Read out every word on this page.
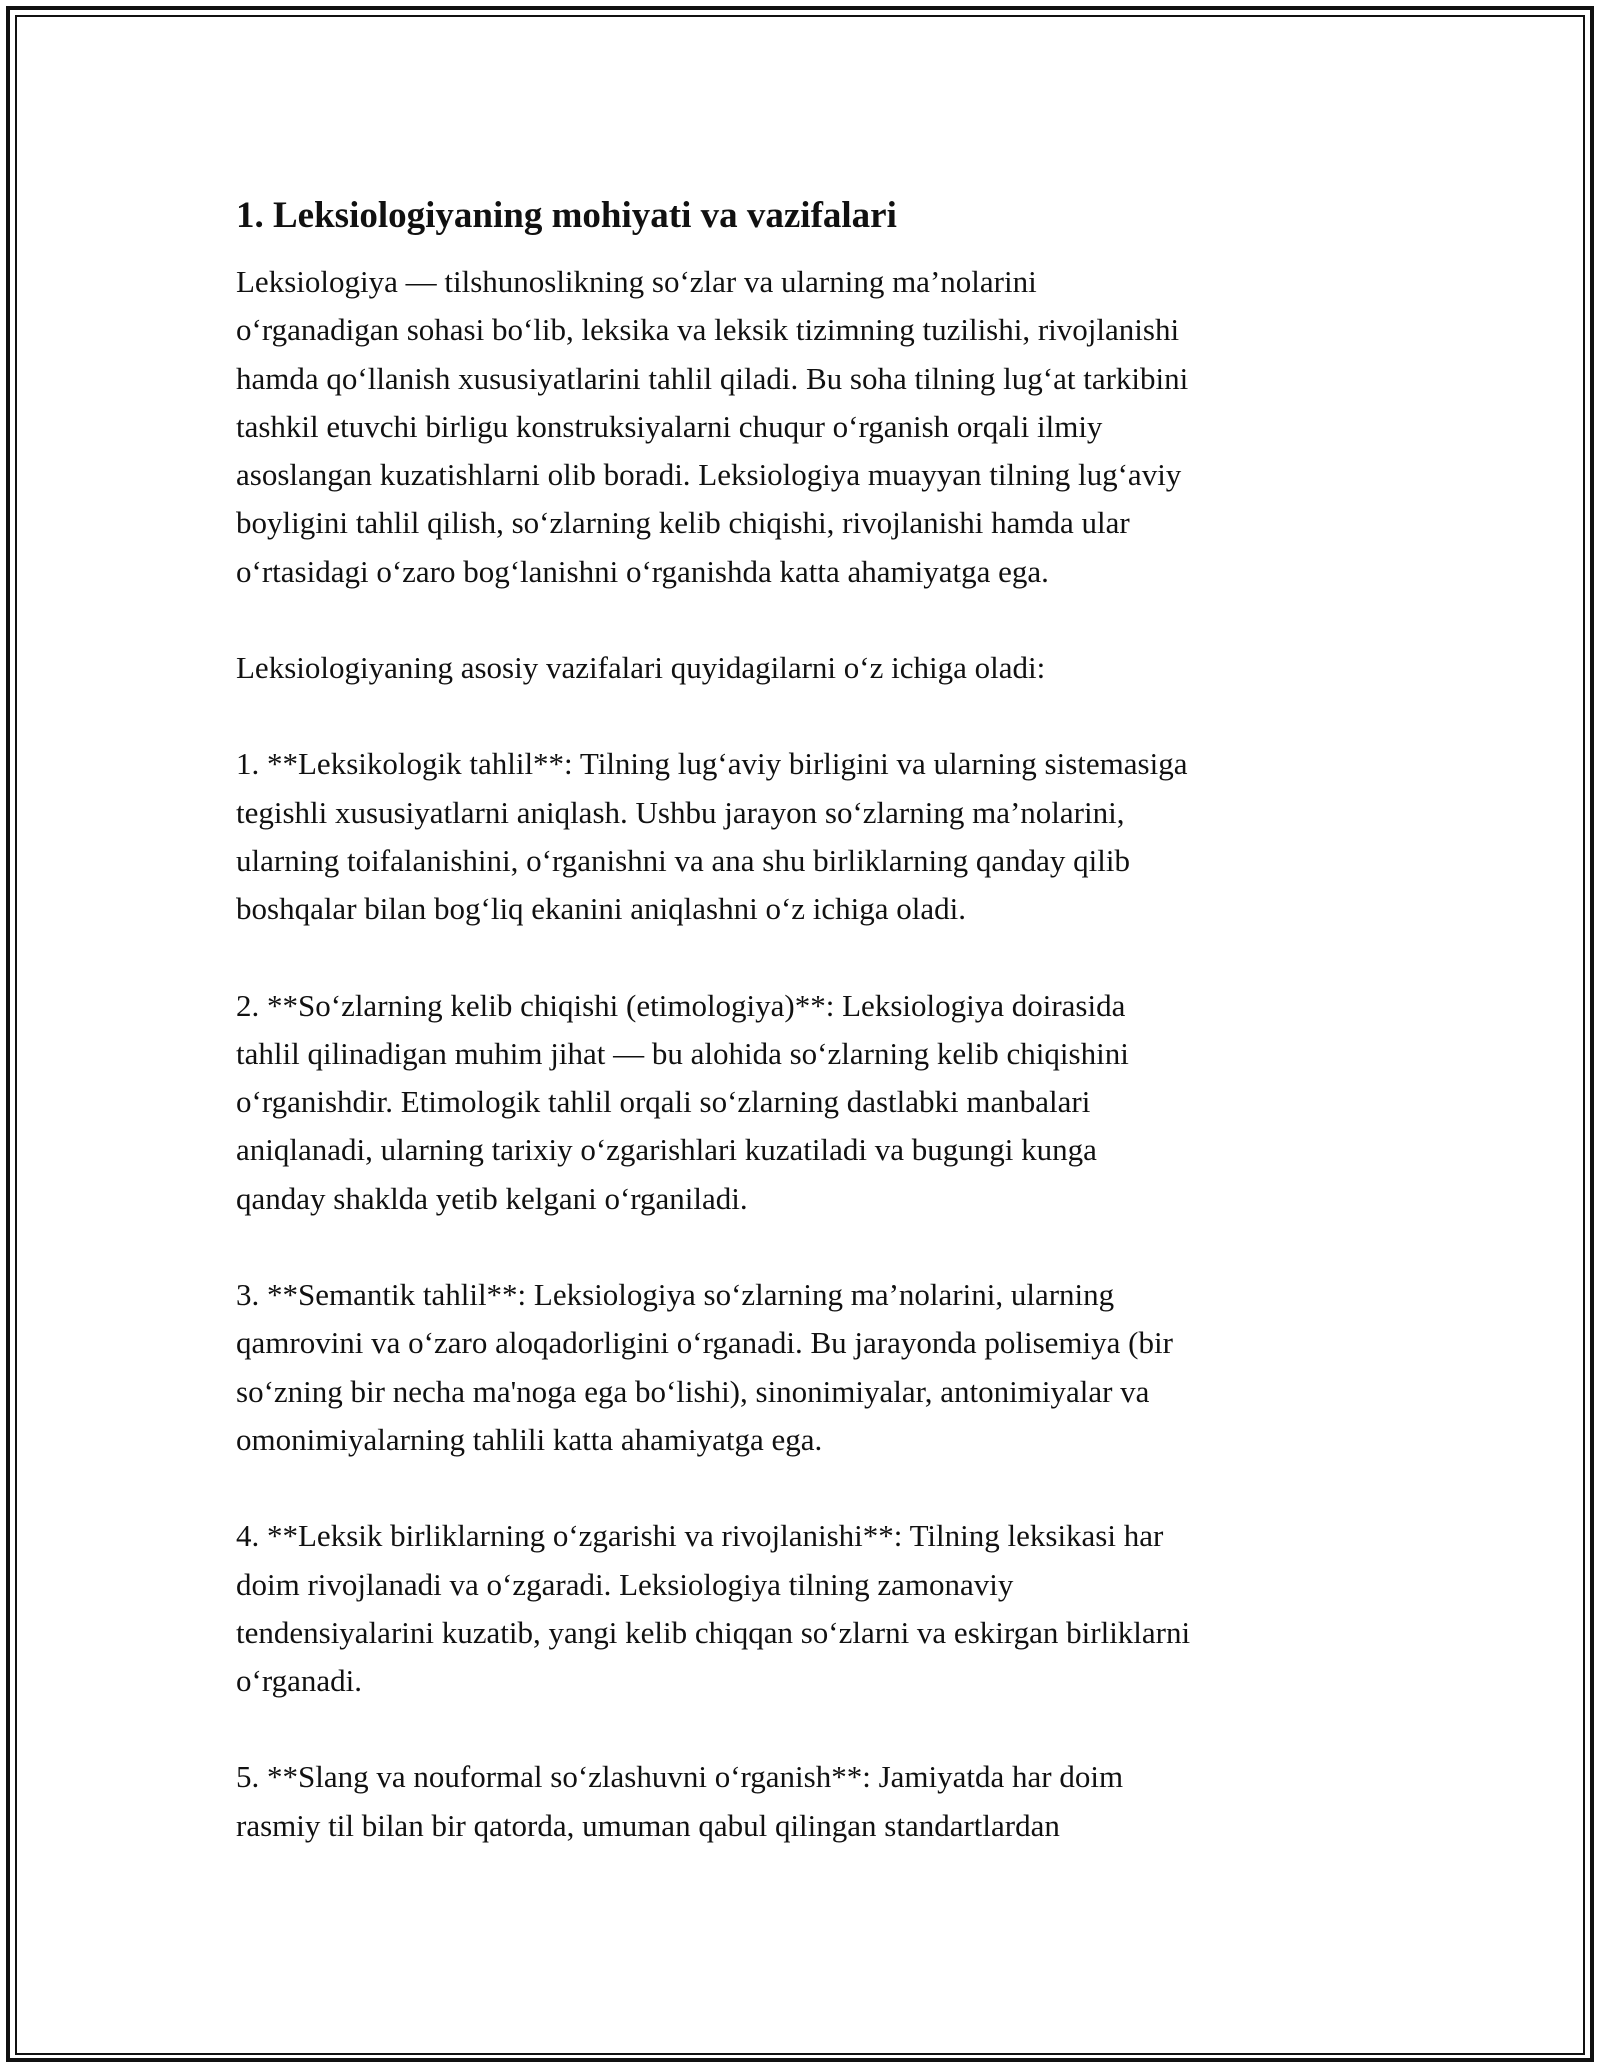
1. Leksiologiyaning mohiyati va vazifalari

Leksiologiya — tilshunoslikning so‘zlar va ularning ma’nolarini
o‘rganadigan sohasi bo‘lib, leksika va leksik tizimning tuzilishi, rivojlanishi
hamda qo‘llanish xususiyatlarini tahlil qiladi. Bu soha tilning lug‘at tarkibini
tashkil etuvchi birligu konstruksiyalarni chuqur o‘rganish orqali ilmiy
asoslangan kuzatishlarni olib boradi. Leksiologiya muayyan tilning lug‘aviy
boyligini tahlil qilish, so‘zlarning kelib chiqishi, rivojlanishi hamda ular
o‘rtasidagi o‘zaro bog‘lanishni o‘rganishda katta ahamiyatga ega.

Leksiologiyaning asosiy vazifalari quyidagilarni o‘z ichiga oladi:

1. **Leksikologik tahlil**: Tilning lug‘aviy birligini va ularning sistemasiga
tegishli xususiyatlarni aniqlash. Ushbu jarayon so‘zlarning ma’nolarini,
ularning toifalanishini, o‘rganishni va ana shu birliklarning qanday qilib
boshqalar bilan bog‘liq ekanini aniqlashni o‘z ichiga oladi.

2. **So‘zlarning kelib chiqishi (etimologiya)**: Leksiologiya doirasida
tahlil qilinadigan muhim jihat — bu alohida so‘zlarning kelib chiqishini
o‘rganishdir. Etimologik tahlil orqali so‘zlarning dastlabki manbalari
aniqlanadi, ularning tarixiy o‘zgarishlari kuzatiladi va bugungi kunga
qanday shaklda yetib kelgani o‘rganiladi.

3. **Semantik tahlil**: Leksiologiya so‘zlarning ma’nolarini, ularning
qamrovini va o‘zaro aloqadorligini o‘rganadi. Bu jarayonda polisemiya (bir
so‘zning bir necha ma'noga ega bo‘lishi), sinonimiyalar, antonimiyalar va
omonimiyalarning tahlili katta ahamiyatga ega.

4. **Leksik birliklarning o‘zgarishi va rivojlanishi**: Tilning leksikasi har
doim rivojlanadi va o‘zgaradi. Leksiologiya tilning zamonaviy
tendensiyalarini kuzatib, yangi kelib chiqqan so‘zlarni va eskirgan birliklarni
o‘rganadi.

5. **Slang va nouformal so‘zlashuvni o‘rganish**: Jamiyatda har doim
rasmiy til bilan bir qatorda, umuman qabul qilingan standartlardan
